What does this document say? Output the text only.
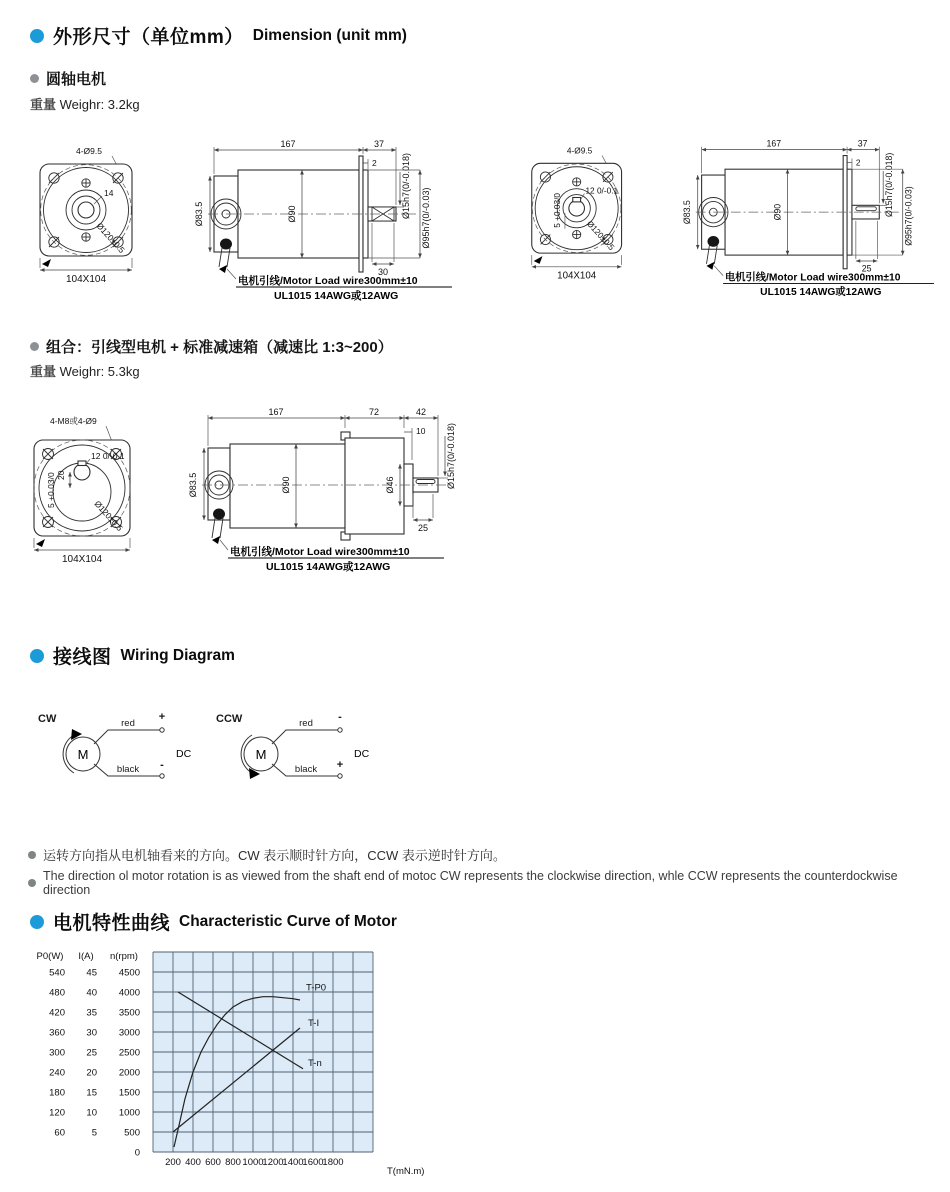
外形尺寸（单位mm） Dimension (unit mm)
圆轴电机
重量 Weighr: 3.2kg
4-Ø9.5
14
Ø120±0.5
104X104
167	37
2
Ø83.5	Ø90	Ø15h7(0/-0.018) Ø95h7(0/-0.03)
30
电机引线/Motor Load wire300mm±10
UL1015 14AWG或12AWG
4-Ø9.5
12 0/-0.1
5 +0.03/0
Ø120±0.5
104X104
167	37
2
Ø83.5	Ø90	Ø15h7(0/-0.018) Ø95h7(0/-0.03)
25
电机引线/Motor Load wire300mm±10
UL1015 14AWG或12AWG
组合：引线型电机 + 标准减速箱（减速比 1:3~200）
重量 Weighr: 5.3kg
4-M8或4-Ø9
12 0/-0.1
20
5 +0.03/0
Ø120±0.5
104X104
167	72	42
10
Ø83.5	Ø90	Ø46	Ø15h7(0/-0.018)
25
电机引线/Motor Load wire300mm±10
UL1015 14AWG或12AWG
接线图 Wiring Diagram
CW
M
red
+
black -
DC
CCW
M
red
-
black +
DC
运转方向指从电机轴看来的方向。CW 表示顺时针方向，CCW 表示逆时针方向。
The direction ol motor rotation is as viewed from the shaft end of motoc CW represents the clockwise direction, whle CCW represents the counterdockwise direction
电机特性曲线 Characteristic Curve of Motor
P0(W)
540
480
420
360
300
240
180
120
60
I(A)
45
40
35
30
25
20
15
10
5
n(rpm)
4500
4000
3500
3000
2500
2000
1500
1000
500
0
200 400 600 800 1000
1200
1400
1600
1800
T(mN.m)
T-P0
T-I
T-n
